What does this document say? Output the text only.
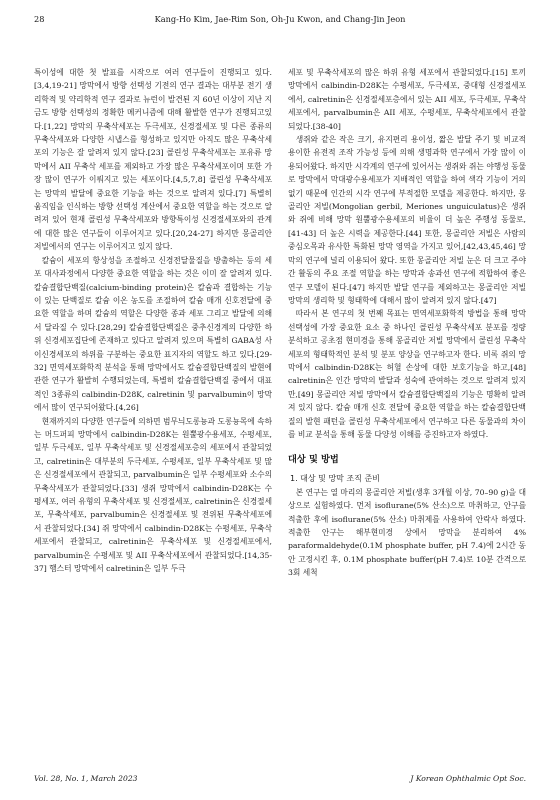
28	Kang-Ho Kim, Jae-Rim Son, Oh-Ju Kwon, and Chang-Jin Jeon

특이성에 대한 첫 발표를 시작으로 여러 연구들이 진행되고 있다.[3,4,19-21] 망막에서 방향 선택성 기전의 연구 결과는 대부분 전기 생리학적 및 약리학적 연구 결과로 뉴런이 발견된 지 60년 이상이 지난 지금도 방향 선택성의 정확한 메커니즘에 대해 활발한 연구가 진행되고있다.[1,22] 망막의 무축삭세포는 두극세포, 신경절세포 및 다른 종류의 무축삭세포와 다양한 시냅스를 형성하고 있지만 아직도 많은 무축삭세포의 기능은 잘 알려져 있지 않다.[23] 콜린성 무축삭세포는 포유류 망막에서 AII 무축삭 세포를 제외하고 가장 많은 무축삭세포이며 또한 가장 많이 연구가 이뤄지고 있는 세포이다.[4,5,7,8] 콜린성 무축삭세포는 망막의 발달에 중요한 기능을 하는 것으로 알려져 있다.[7] 특별히 움직임을 인식하는 방향 선택성 계산에서 중요한 역할을 하는 것으로 알려져 있어 현재 콜린성 무축삭세포와 방향특이성 신경절세포와의 관계에 대한 많은 연구들이 이루어지고 있다.[20,24-27] 하지만 몽골리안 저빌에서의 연구는 이루어지고 있지 않다.

칼슘이 세포의 항상성을 조절하고 신경전달물질을 방출하는 등의 세포 대사과정에서 다양한 중요한 역할을 하는 것은 이미 잘 알려져 있다. 칼슘결합단백질(calcium-binding protein)은 칼슘과 결합하는 기능이 있는 단백질로 칼슘 이온 농도를 조절하여 칼슘 매개 신호전달에 중요한 역할을 하며 칼슘의 역할은 다양한 종과 세포 그리고 발달에 의해서 달라질 수 있다.[28,29] 칼슘결합단백질은 중추신경계의 다양한 하위 신경세포집단에 존재하고 있다고 알려져 있으며 특별히 GABA성 사이신경세포의 하위를 구분하는 중요한 표지자의 역할도 하고 있다.[29-32] 면역세포화학적 분석을 통해 망막에서도 칼슘결합단백질의 발현에 관한 연구가 활발히 수행되었는데, 특별히 칼슘결합단백질 중에서 대표적인 3종류의 calbindin-D28K, calretinin 및 parvalbumin이 망막에서 많이 연구되어왔다.[4,26]

현재까지의 다양한 연구들에 의하면 범무늬도롱뇽과 도롱뇽목에 속하는 머드퍼피 망막에서 calbindin-D28K는 원뿔광수용세포, 수평세포, 일부 두극세포, 일부 무축삭세포 및 신경절세포층의 세포에서 관찰되었고, calretinin은 대부분의 두극세포, 수평세포, 일부 무축삭세포 및 많은 신경절세포에서 관찰되고, parvalbumin은 일부 수평세포와 소수의 무축삭세포가 관찰되었다.[33] 생쥐 망막에서 calbindin-D28K는 수평세포, 여러 유형의 무축삭세포 및 신경절세포, calretinin은 신경절세포, 무축삭세포, parvalbumin은 신경절세포 및 전위된 무축삭세포에서 관찰되었다.[34] 쥐 망막에서 calbindin-D28K는 수평세포, 무축삭세포에서 관찰되고, calretinin은 무축삭세포 및 신경절세포에서, parvalbumin은 수평세포 및 AII 무축삭세포에서 관찰되었다.[14,35-37] 햄스터 망막에서 calretinin은 일부 두극

세포 및 무축삭세포의 많은 하위 유형 세포에서 관찰되었다.[15] 토끼 망막에서 calbindin-D28K는 수평세포, 두극세포, 중대형 신경절세포에서, calretinin은 신경절세포층에서 있는 AII 세포, 두극세포, 무축삭세포에서, parvalbumin은 AII 세포, 수평세포, 무축삭세포에서 관찰되었다.[38-40]

생쥐와 같은 작은 크기, 유지편리 용이성, 짧은 발달 주기 및 비교적 용이한 유전적 조작 가능성 등에 의해 생명과학 연구에서 가장 많이 이용되어왔다. 하지만 시각계의 연구에 있어서는 생쥐와 쥐는 야행성 동물로 망막에서 막대광수용세포가 지배적인 역할을 하여 색각 기능이 거의 없기 때문에 인간의 시각 연구에 부적절한 모델을 제공한다. 하지만, 몽골리안 저빌(Mongolian gerbil, Meriones unguiculatus)은 생쥐와 쥐에 비해 망막 원뿔광수용세포의 비율이 더 높은 주행성 동물로,[41-43] 더 높은 시력을 제공한다.[44] 또한, 몽골리안 저빌은 사람의 중심오목과 유사한 특화된 망막 영역을 가지고 있어,[42,43,45,46] 망막의 연구에 널리 이용되어 왔다. 또한 몽골리안 저빌 눈은 더 크고 주야간 활동의 주요 조절 역할을 하는 망막과 송과선 연구에 적합하여 좋은 연구 모델이 된다.[47] 하지만 발달 연구를 제외하고는 몽골리안 저빌 망막의 생리학 및 형태학에 대해서 많이 알려져 있지 않다.[47]

따라서 본 연구의 첫 번째 목표는 면역세포화학적 방법을 통해 망막 선택성에 가장 중요한 요소 중 하나인 콜린성 무축삭세포 분포를 정량 분석하고 공초점 현미경을 통해 몽골리안 저빌 망막에서 콜린성 무축삭세포의 형태학적인 분석 및 분포 양상을 연구하고자 한다. 비록 쥐의 망막에서 calbindin-D28K는 허혈 손상에 대한 보호기능을 하고,[48] calretinin은 인간 망막의 발달과 성숙에 관여하는 것으로 알려져 있지만,[49] 몽골리안 저빌 망막에서 칼슘결합단백질의 기능은 명확히 알려져 있지 않다. 칼슘 매개 신호 전달에 중요한 역할을 하는 칼슘결합단백질의 발현 패턴을 콜린성 무축삭세포에서 연구하고 다른 동물과의 차이를 비교 분석을 통해 동물 다양성 이해를 증진하고자 하였다.

대상 및 방법
1. 대상 및 망막 조직 준비

본 연구는 열 마리의 몽골리안 저빌(생후 3개월 이상, 70–90 g)을 대상으로 실험하였다. 먼저 isoflurane(5% 산소)으로 마취하고, 안구를 적출한 후에 isoflurane(5% 산소) 마취제를 사용하여 안락사 하였다. 적출한 안구는 해부현미경 상에서 망막을 분리하여 4% paraformaldehyde(0.1M phosphate buffer, pH 7.4)에 2시간 동안 고정시킨 후, 0.1M phosphate buffer(pH 7.4)로 10분 간격으로 3회 세척

Vol. 28, No. 1, March 2023	J Korean Ophthalmic Opt Soc.
